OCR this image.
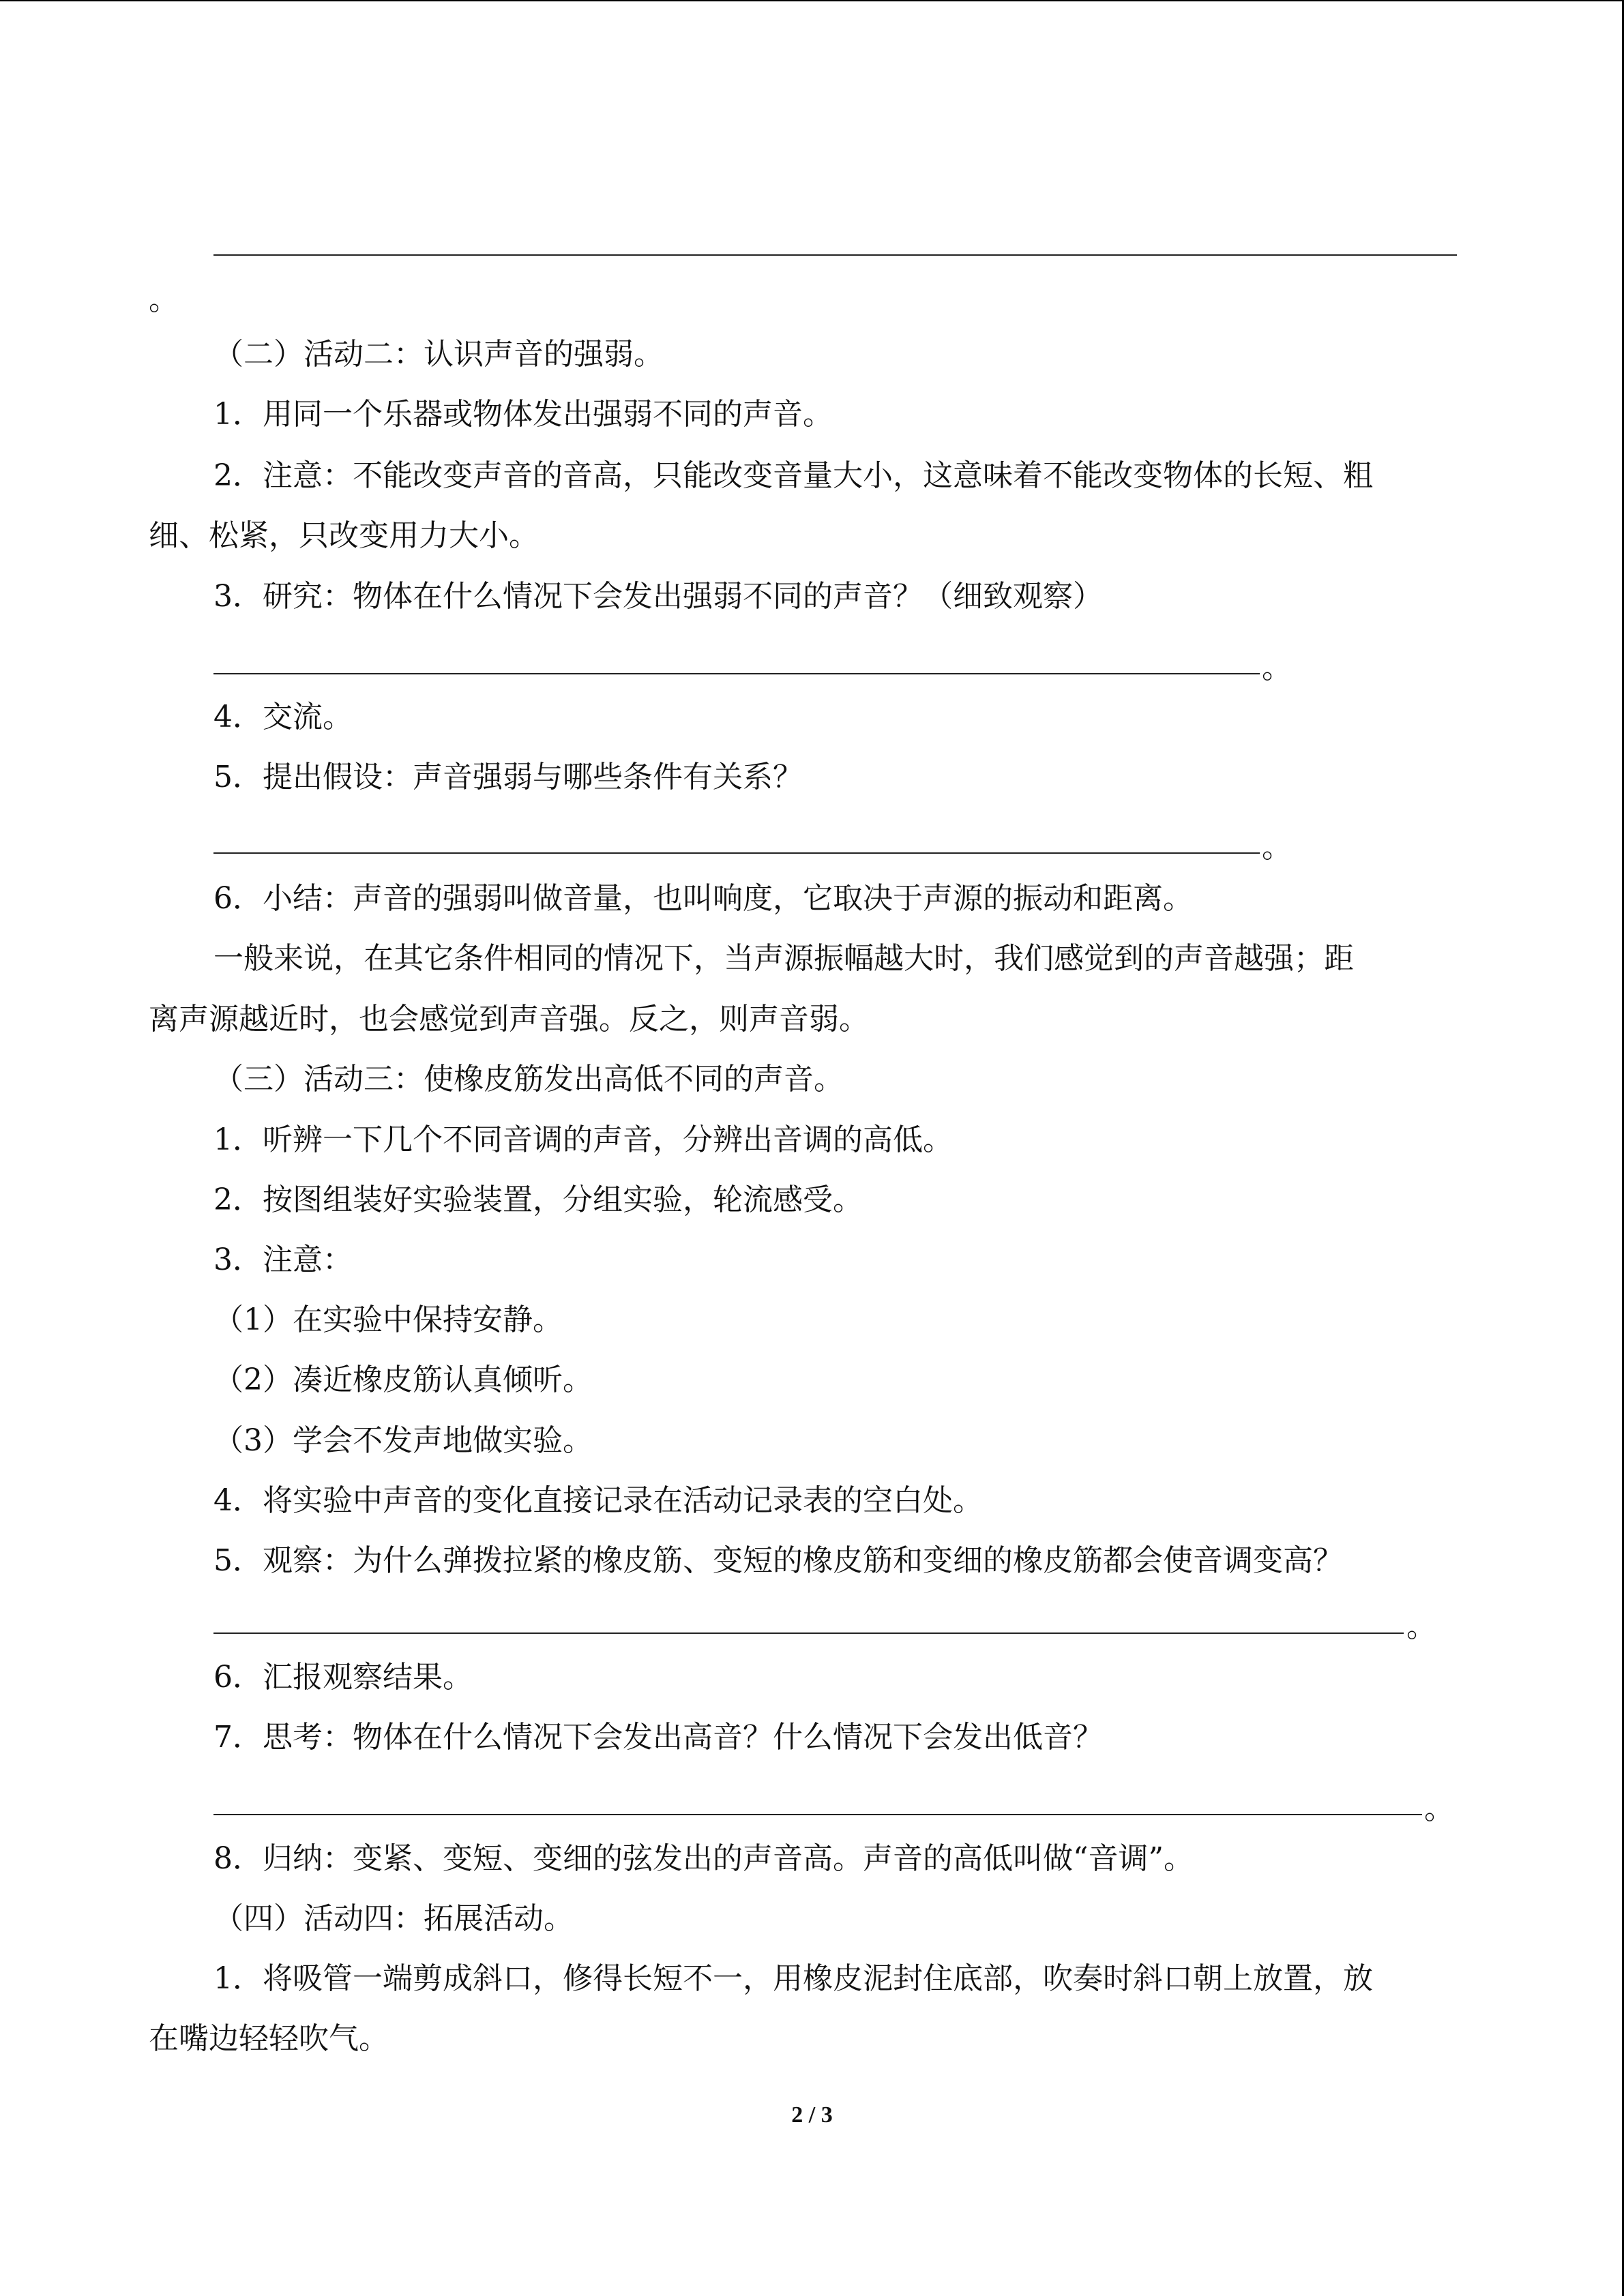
。
（二）活动二：认识声音的强弱。
1．用同一个乐器或物体发出强弱不同的声音。
2．注意：不能改变声音的音高，只能改变音量大小，这意味着不能改变物体的长短、粗
细、松紧，只改变用力大小。
3．研究：物体在什么情况下会发出强弱不同的声音？（细致观察）
。
4．交流。
5．提出假设：声音强弱与哪些条件有关系？
。
6．小结：声音的强弱叫做音量，也叫响度，它取决于声源的振动和距离。
一般来说，在其它条件相同的情况下，当声源振幅越大时，我们感觉到的声音越强；距
离声源越近时，也会感觉到声音强。反之，则声音弱。
（三）活动三：使橡皮筋发出高低不同的声音。
1．听辨一下几个不同音调的声音，分辨出音调的高低。
2．按图组装好实验装置，分组实验，轮流感受。
3．注意：
（1）在实验中保持安静。
（2）凑近橡皮筋认真倾听。
（3）学会不发声地做实验。
4．将实验中声音的变化直接记录在活动记录表的空白处。
5．观察：为什么弹拨拉紧的橡皮筋、变短的橡皮筋和变细的橡皮筋都会使音调变高？
。
6．汇报观察结果。
7．思考：物体在什么情况下会发出高音？什么情况下会发出低音？
。
8．归纳：变紧、变短、变细的弦发出的声音高。声音的高低叫做“音调”。
（四）活动四：拓展活动。
1．将吸管一端剪成斜口，修得长短不一，用橡皮泥封住底部，吹奏时斜口朝上放置，放
在嘴边轻轻吹气。
2 / 3
